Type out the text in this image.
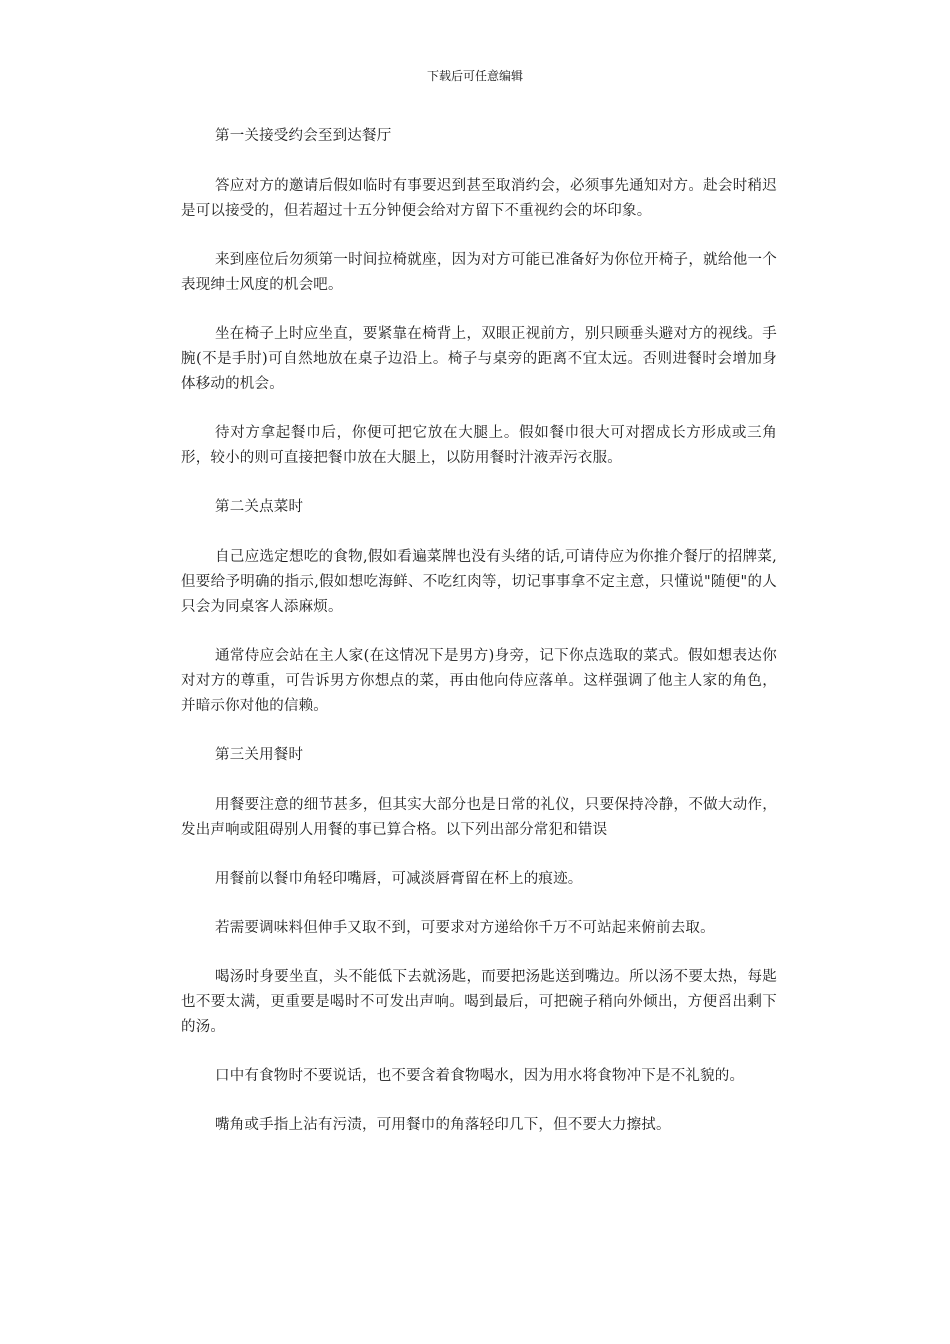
下载后可任意编辑

第一关接受约会至到达餐厅

答应对方的邀请后假如临时有事要迟到甚至取消约会，必须事先通知对方。赴会时稍迟是可以接受的，但若超过十五分钟便会给对方留下不重视约会的坏印象。

来到座位后勿须第一时间拉椅就座，因为对方可能已准备好为你位开椅子，就给他一个表现绅士风度的机会吧。

坐在椅子上时应坐直，要紧靠在椅背上，双眼正视前方，别只顾垂头避对方的视线。手腕(不是手肘)可自然地放在桌子边沿上。椅子与桌旁的距离不宜太远。否则进餐时会增加身体移动的机会。

待对方拿起餐巾后，你便可把它放在大腿上。假如餐巾很大可对摺成长方形成或三角形，较小的则可直接把餐巾放在大腿上，以防用餐时汁液弄污衣服。

第二关点菜时

自己应选定想吃的食物,假如看遍菜牌也没有头绪的话,可请侍应为你推介餐厅的招牌菜,但要给予明确的指示,假如想吃海鲜、不吃红肉等，切记事事拿不定主意，只懂说"随便"的人只会为同桌客人添麻烦。

通常侍应会站在主人家(在这情况下是男方)身旁，记下你点选取的菜式。假如想表达你对对方的尊重，可告诉男方你想点的菜，再由他向侍应落单。这样强调了他主人家的角色，并暗示你对他的信赖。

第三关用餐时

用餐要注意的细节甚多，但其实大部分也是日常的礼仪，只要保持冷静，不做大动作，发出声响或阻碍别人用餐的事已算合格。以下列出部分常犯和错误

用餐前以餐巾角轻印嘴唇，可减淡唇膏留在杯上的痕迹。

若需要调味料但伸手又取不到，可要求对方递给你千万不可站起来俯前去取。

喝汤时身要坐直，头不能低下去就汤匙，而要把汤匙送到嘴边。所以汤不要太热，每匙也不要太满，更重要是喝时不可发出声响。喝到最后，可把碗子稍向外倾出，方便舀出剩下的汤。

口中有食物时不要说话，也不要含着食物喝水，因为用水将食物冲下是不礼貌的。

嘴角或手指上沾有污渍，可用餐巾的角落轻印几下，但不要大力擦拭。
